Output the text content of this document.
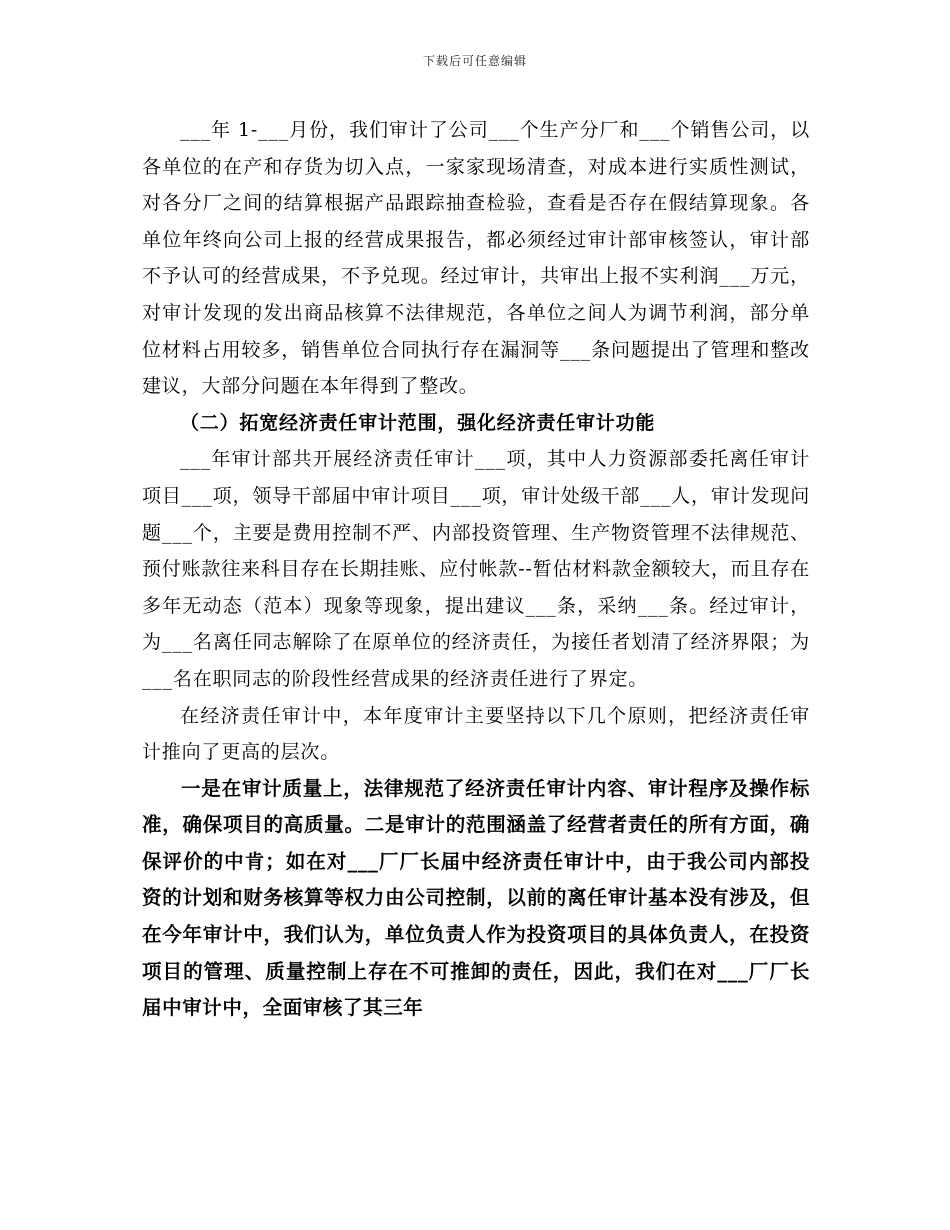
下载后可任意编辑

___年 1-___月份，我们审计了公司___个生产分厂和___个销售公司，以各单位的在产和存货为切入点，一家家现场清查，对成本进行实质性测试，对各分厂之间的结算根据产品跟踪抽查检验，查看是否存在假结算现象。各单位年终向公司上报的经营成果报告，都必须经过审计部审核签认，审计部不予认可的经营成果，不予兑现。经过审计，共审出上报不实利润___万元，对审计发现的发出商品核算不法律规范，各单位之间人为调节利润，部分单位材料占用较多，销售单位合同执行存在漏洞等___条问题提出了管理和整改建议，大部分问题在本年得到了整改。

（二）拓宽经济责任审计范围，强化经济责任审计功能

___年审计部共开展经济责任审计___项，其中人力资源部委托离任审计项目___项，领导干部届中审计项目___项，审计处级干部___人，审计发现问题___个，主要是费用控制不严、内部投资管理、生产物资管理不法律规范、预付账款往来科目存在长期挂账、应付帐款--暂估材料款金额较大，而且存在多年无动态（范本）现象等现象，提出建议___条，采纳___条。经过审计，为___名离任同志解除了在原单位的经济责任，为接任者划清了经济界限；为___名在职同志的阶段性经营成果的经济责任进行了界定。

在经济责任审计中，本年度审计主要坚持以下几个原则，把经济责任审计推向了更高的层次。

一是在审计质量上，法律规范了经济责任审计内容、审计程序及操作标准，确保项目的高质量。二是审计的范围涵盖了经营者责任的所有方面，确保评价的中肯；如在对___厂厂长届中经济责任审计中，由于我公司内部投资的计划和财务核算等权力由公司控制，以前的离任审计基本没有涉及，但在今年审计中，我们认为，单位负责人作为投资项目的具体负责人，在投资项目的管理、质量控制上存在不可推卸的责任，因此，我们在对___厂厂长届中审计中，全面审核了其三年
